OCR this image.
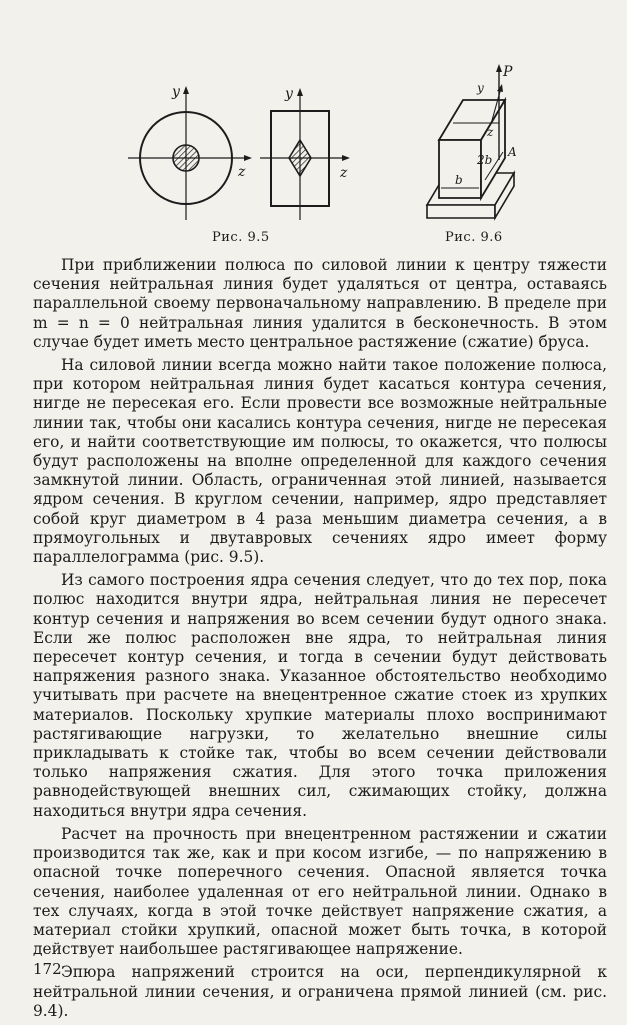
y
z
y
z
Рис. 9.5
P
y
z
2b
b
A
Рис. 9.6

При приближении полюса по силовой линии к центру тяжести сечения нейтральная линия будет удаляться от центра, оставаясь параллельной своему первоначальному направлению. В пределе при m = n = 0 нейтральная линия удалится в бесконечность. В этом случае будет иметь место центральное растяжение (сжатие) бруса.

На силовой линии всегда можно найти такое положение полюса, при котором нейтральная линия будет касаться контура сечения, нигде не пересекая его. Если провести все возможные нейтральные линии так, чтобы они касались контура сечения, нигде не пересекая его, и найти соответствующие им полюсы, то окажется, что полюсы будут расположены на вполне определенной для каждого сечения замкнутой линии. Область, ограниченная этой линией, называется ядром сечения. В круглом сечении, например, ядро представляет собой круг диаметром в 4 раза меньшим диаметра сечения, а в прямоугольных и двутавровых сечениях ядро имеет форму параллелограмма (рис. 9.5).

Из самого построения ядра сечения следует, что до тех пор, пока полюс находится внутри ядра, нейтральная линия не пересечет контур сечения и напряжения во всем сечении будут одного знака. Если же полюс расположен вне ядра, то нейтральная линия пересечет контур сечения, и тогда в сечении будут действовать напряжения разного знака. Указанное обстоятельство необходимо учитывать при расчете на внецентренное сжатие стоек из хрупких материалов. Поскольку хрупкие материалы плохо воспринимают растягивающие нагрузки, то желательно внешние силы прикладывать к стойке так, чтобы во всем сечении действовали только напряжения сжатия. Для этого точка приложения равнодействующей внешних сил, сжимающих стойку, должна находиться внутри ядра сечения.

Расчет на прочность при внецентренном растяжении и сжатии производится так же, как и при косом изгибе, — по напряжению в опасной точке поперечного сечения. Опасной является точка сечения, наиболее удаленная от его нейтральной линии. Однако в тех случаях, когда в этой точке действует напряжение сжатия, а материал стойки хрупкий, опасной может быть точка, в которой действует наибольшее растягивающее напряжение.

Эпюра напряжений строится на оси, перпендикулярной к нейтральной линии сечения, и ограничена прямой линией (см. рис. 9.4).

172
